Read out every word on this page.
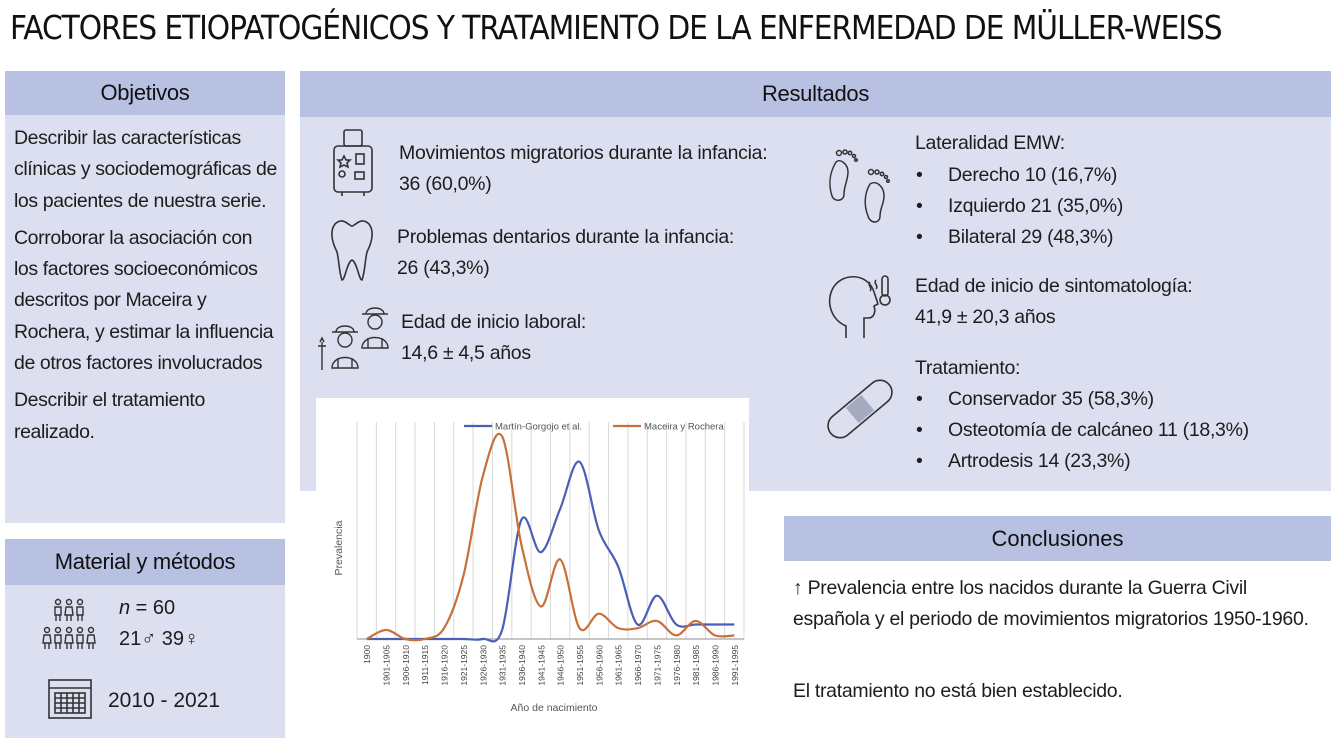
FACTORES ETIOPATOGÉNICOS Y TRATAMIENTO DE LA ENFERMEDAD DE MÜLLER-WEISS
Objetivos

Describir las características clínicas y sociodemográficas de los pacientes de nuestra serie.

Corroborar la asociación con los factores socioeconómicos descritos por Maceira y Rochera, y estimar la influencia de otros factores involucrados

Describir el tratamiento realizado.

Material y métodos
n = 60
21♂ 39♀
2010 - 2021
Resultados
Movimientos migratorios durante la infancia:
36 (60,0%)
Problemas dentarios durante la infancia:
26 (43,3%)
Edad de inicio laboral:
14,6 ± 4,5 años
Lateralidad EMW:
• Derecho 10 (16,7%)
• Izquierdo 21 (35,0%)
• Bilateral 29 (48,3%)
Edad de inicio de sintomatología:
41,9 ± 20,3 años
Tratamiento:
• Conservador 35 (58,3%)
• Osteotomía de calcáneo 11 (18,3%)
• Artrodesis 14 (23,3%)
1900 1901-1905 1906-1910 1911-1915 1916-1920 1921-1925 1926-1930 1931-1935 1936-1940 1941-1945 1946-1950 1951-1955 1956-1960 1961-1965 1966-1970 1971-1975 1976-1980 1981-1985 1986-1990 1991-1995
Martín-Gorgojo et al.	Maceira y Rochera
Año de nacimiento
Prevalencia	Conclusiones
↑ Prevalencia entre los nacidos durante la Guerra Civil española y el periodo de movimientos migratorios 1950-1960.
El tratamiento no está bien establecido.
